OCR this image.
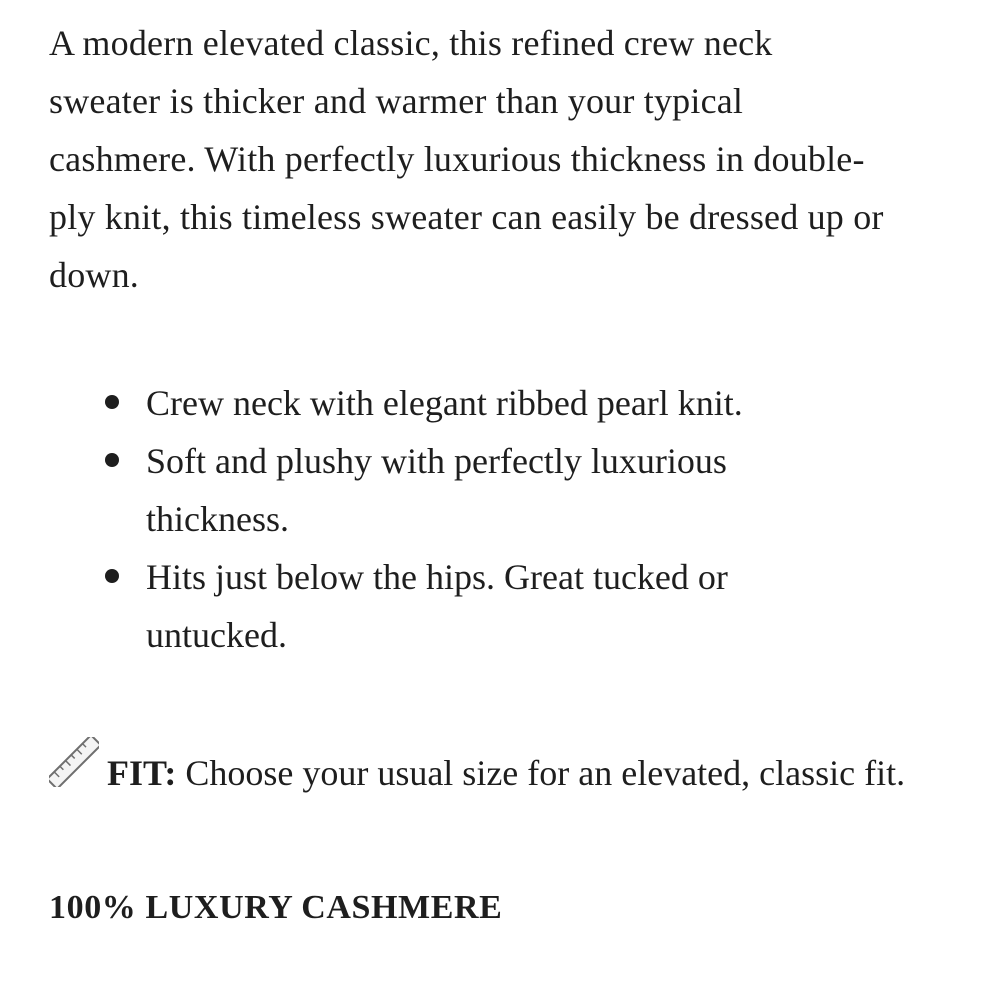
A modern elevated classic, this refined crew neck sweater is thicker and warmer than your typical cashmere. With perfectly luxurious thickness in double-ply knit, this timeless sweater can easily be dressed up or down.

Crew neck with elegant ribbed pearl knit.
Soft and plushy with perfectly luxurious thickness.
Hits just below the hips. Great tucked or untucked.
FIT: Choose your usual size for an elevated, classic fit.
100% LUXURY CASHMERE
